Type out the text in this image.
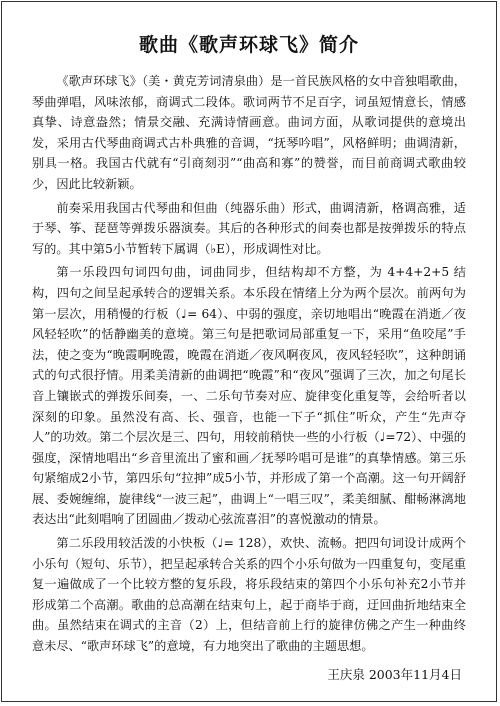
歌曲《歌声环球飞》简介

《歌声环球飞》（美・黄克芳词清泉曲）是一首民族风格的女中音独唱歌曲，琴曲弹唱，风味浓郁，商调式二段体。歌词两节不足百字，词虽短情意长，情感真挚、诗意盎然；情景交融、充满诗情画意。曲词方面，从歌词提供的意境出发，采用古代琴曲商调式古朴典雅的音调，“抚琴吟唱”，风格鲜明；曲调清新，别具一格。我国古代就有“引商刻羽”“曲高和寡”的赞誉，而目前商调式歌曲较少，因此比较新颖。

前奏采用我国古代琴曲和但曲（纯器乐曲）形式，曲调清新，格调高雅，适于琴、筝、琵琶等弹拨乐器演奏。其后的各种形式的间奏也都是按弹拨乐的特点写的。其中第5小节暂转下属调（♭E），形成调性对比。

第一乐段四句词四句曲，词曲同步，但结构却不方整，为 4+4+2+5 结构，四句之间呈起承转合的逻辑关系。本乐段在情绪上分为两个层次。前两句为第一层次，用稍慢的行板（♩= 64）、中弱的强度，亲切地唱出“晚霞在消逝／夜风轻轻吹”的恬静幽美的意境。第三句是把歌词局部重复一下，采用“鱼咬尾”手法，使之变为“晚霞啊晚霞，晚霞在消逝／夜风啊夜风，夜风轻轻吹”，这种朗诵式的句式很抒情。用柔美清新的曲调把“晚霞”和“夜风”强调了三次，加之句尾长音上镶嵌式的弹拨乐间奏，一、二乐句节奏对应、旋律变化重复等，会给听者以深刻的印象。虽然没有高、长、强音，也能一下子“抓住”听众，产生“先声夺人”的功效。第二个层次是三、四句，用较前稍快一些的小行板（♩=72）、中强的强度，深情地唱出“乡音里流出了蜜和画／抚琴吟唱可是谁”的真挚情感。第三乐句紧缩成2小节，第四乐句“拉抻”成5小节，并形成了第一个高潮。这一句开阔舒展、委婉缠绵，旋律线“一波三起”，曲调上“一唱三叹”，柔美细腻、酣畅淋漓地表达出“此刻唱响了团圆曲／拨动心弦流喜泪”的喜悦激动的情景。

第二乐段用较活泼的小快板（♩= 128），欢快、流畅。把四句词设计成两个小乐句（短句、乐节），把呈起承转合关系的四个小乐句做为一四重复句，变尾重复一遍做成了一个比较方整的复乐段，将乐段结束的第四个小乐句补充2小节并形成第二个高潮。歌曲的总高潮在结束句上，起于商毕于商，迂回曲折地结束全曲。虽然结束在调式的主音（2）上，但结音前上行的旋律仿佛之产生一种曲终意未尽、“歌声环球飞”的意境，有力地突出了歌曲的主题思想。

王庆泉 2003年11月4日
